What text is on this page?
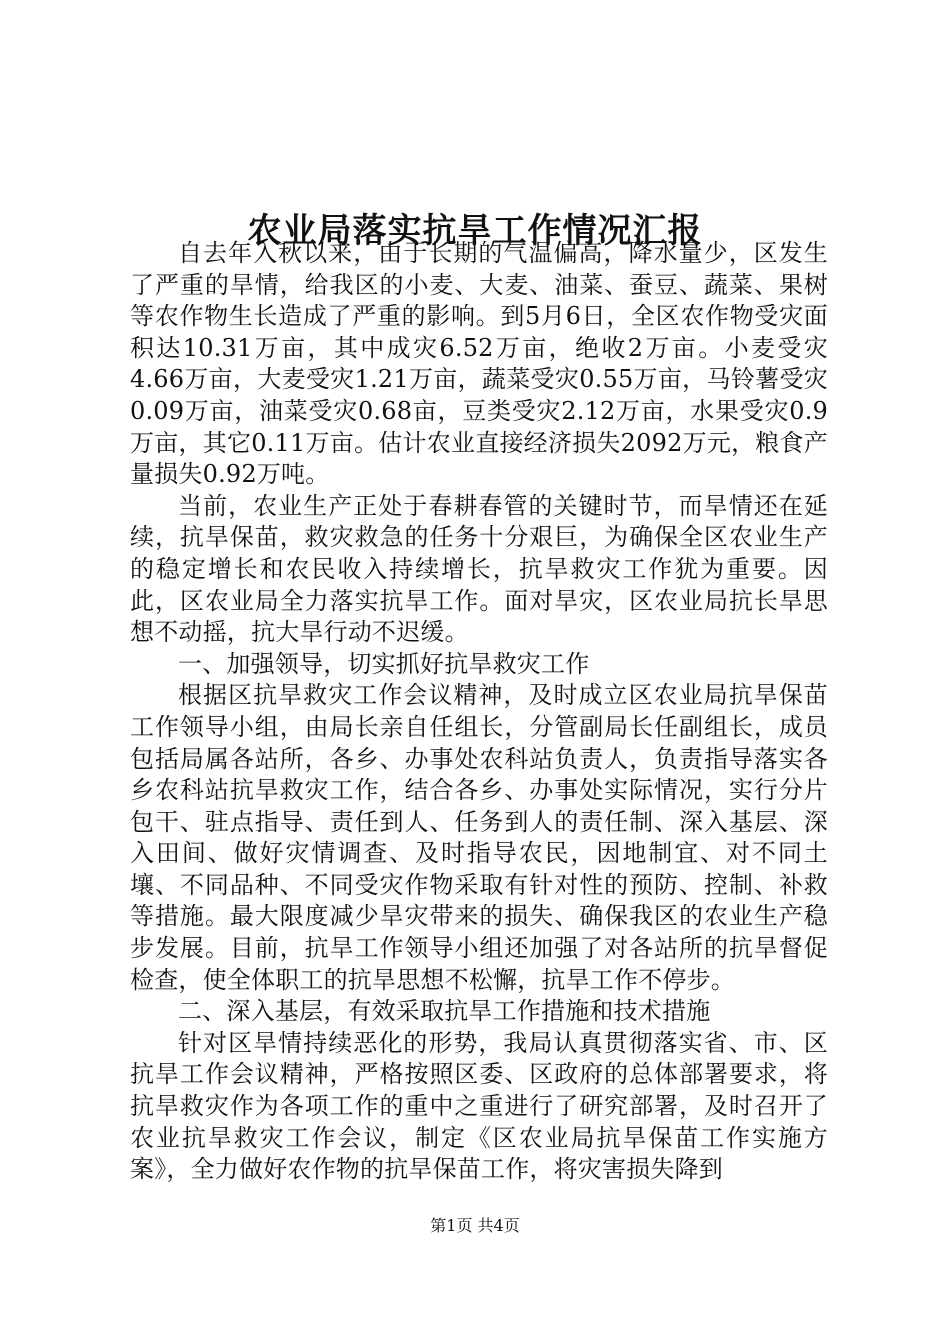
农业局落实抗旱工作情况汇报

自去年入秋以来，由于长期的气温偏高，降水量少，区发生了严重的旱情，给我区的小麦、大麦、油菜、蚕豆、蔬菜、果树等农作物生长造成了严重的影响。到5月6日，全区农作物受灾面积达10.31万亩，其中成灾6.52万亩，绝收2万亩。小麦受灾4.66万亩，大麦受灾1.21万亩，蔬菜受灾0.55万亩，马铃薯受灾0.09万亩，油菜受灾0.68亩，豆类受灾2.12万亩，水果受灾0.9万亩，其它0.11万亩。估计农业直接经济损失2092万元，粮食产量损失0.92万吨。

当前，农业生产正处于春耕春管的关键时节，而旱情还在延续，抗旱保苗，救灾救急的任务十分艰巨，为确保全区农业生产的稳定增长和农民收入持续增长，抗旱救灾工作犹为重要。因此，区农业局全力落实抗旱工作。面对旱灾，区农业局抗长旱思想不动摇，抗大旱行动不迟缓。

一、加强领导，切实抓好抗旱救灾工作

根据区抗旱救灾工作会议精神，及时成立区农业局抗旱保苗工作领导小组，由局长亲自任组长，分管副局长任副组长，成员包括局属各站所，各乡、办事处农科站负责人，负责指导落实各乡农科站抗旱救灾工作，结合各乡、办事处实际情况，实行分片包干、驻点指导、责任到人、任务到人的责任制、深入基层、深入田间、做好灾情调查、及时指导农民，因地制宜、对不同土壤、不同品种、不同受灾作物采取有针对性的预防、控制、补救等措施。最大限度减少旱灾带来的损失、确保我区的农业生产稳步发展。目前，抗旱工作领导小组还加强了对各站所的抗旱督促检查，使全体职工的抗旱思想不松懈，抗旱工作不停步。

二、深入基层，有效采取抗旱工作措施和技术措施

针对区旱情持续恶化的形势，我局认真贯彻落实省、市、区抗旱工作会议精神，严格按照区委、区政府的总体部署要求，将抗旱救灾作为各项工作的重中之重进行了研究部署，及时召开了农业抗旱救灾工作会议，制定《区农业局抗旱保苗工作实施方案》，全力做好农作物的抗旱保苗工作，将灾害损失降到

第1页 共4页
